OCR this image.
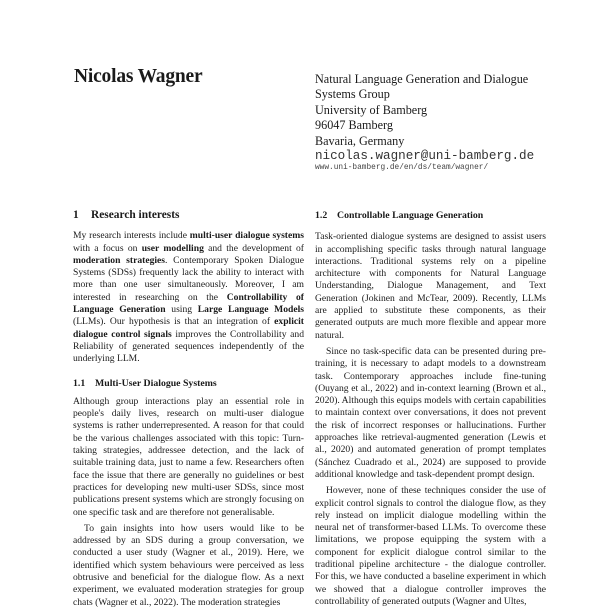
Nicolas Wagner	Natural Language Generation and Dialogue
Systems Group
University of Bamberg
96047 Bamberg
Bavaria, Germany
nicolas.wagner@uni-bamberg.de
www.uni-bamberg.de/en/ds/team/wagner/
1 Research interests

My research interests include multi-user dialogue systems with a focus on user modelling and the development of moderation strategies. Contemporary Spoken Dialogue Systems (SDSs) frequently lack the ability to interact with more than one user simultaneously. Moreover, I am interested in researching on the Controllability of Language Generation using Large Language Models (LLMs). Our hypothesis is that an integration of explicit dialogue control signals improves the Controllability and Reliability of generated sequences independently of the underlying LLM.

1.1 Multi-User Dialogue Systems

Although group interactions play an essential role in people's daily lives, research on multi-user dialogue systems is rather underrepresented. A reason for that could be the various challenges associated with this topic: Turn-taking strategies, addressee detection, and the lack of suitable training data, just to name a few. Researchers often face the issue that there are generally no guidelines or best practices for developing new multi-user SDSs, since most publications present systems which are strongly focusing on one specific task and are therefore not generalisable.

To gain insights into how users would like to be addressed by an SDS during a group conversation, we conducted a user study (Wagner et al., 2019). Here, we identified which system behaviours were perceived as less obtrusive and beneficial for the dialogue flow. As a next experiment, we evaluated moderation strategies for group chats (Wagner et al., 2022). The moderation strategies

1.2 Controllable Language Generation

Task-oriented dialogue systems are designed to assist users in accomplishing specific tasks through natural language interactions. Traditional systems rely on a pipeline architecture with components for Natural Language Understanding, Dialogue Management, and Text Generation (Jokinen and McTear, 2009). Recently, LLMs are applied to substitute these components, as their generated outputs are much more flexible and appear more natural.

Since no task-specific data can be presented during pre-training, it is necessary to adapt models to a downstream task. Contemporary approaches include fine-tuning (Ouyang et al., 2022) and in-context learning (Brown et al., 2020). Although this equips models with certain capabilities to maintain context over conversations, it does not prevent the risk of incorrect responses or hallucinations. Further approaches like retrieval-augmented generation (Lewis et al., 2020) and automated generation of prompt templates (Sánchez Cuadrado et al., 2024) are supposed to provide additional knowledge and task-dependent prompt design.

However, none of these techniques consider the use of explicit control signals to control the dialogue flow, as they rely instead on implicit dialogue modelling within the neural net of transformer-based LLMs. To overcome these limitations, we propose equipping the system with a component for explicit dialogue control similar to the traditional pipeline architecture - the dialogue controller. For this, we have conducted a baseline experiment in which we showed that a dialogue controller improves the controllability of generated outputs (Wagner and Ultes,
